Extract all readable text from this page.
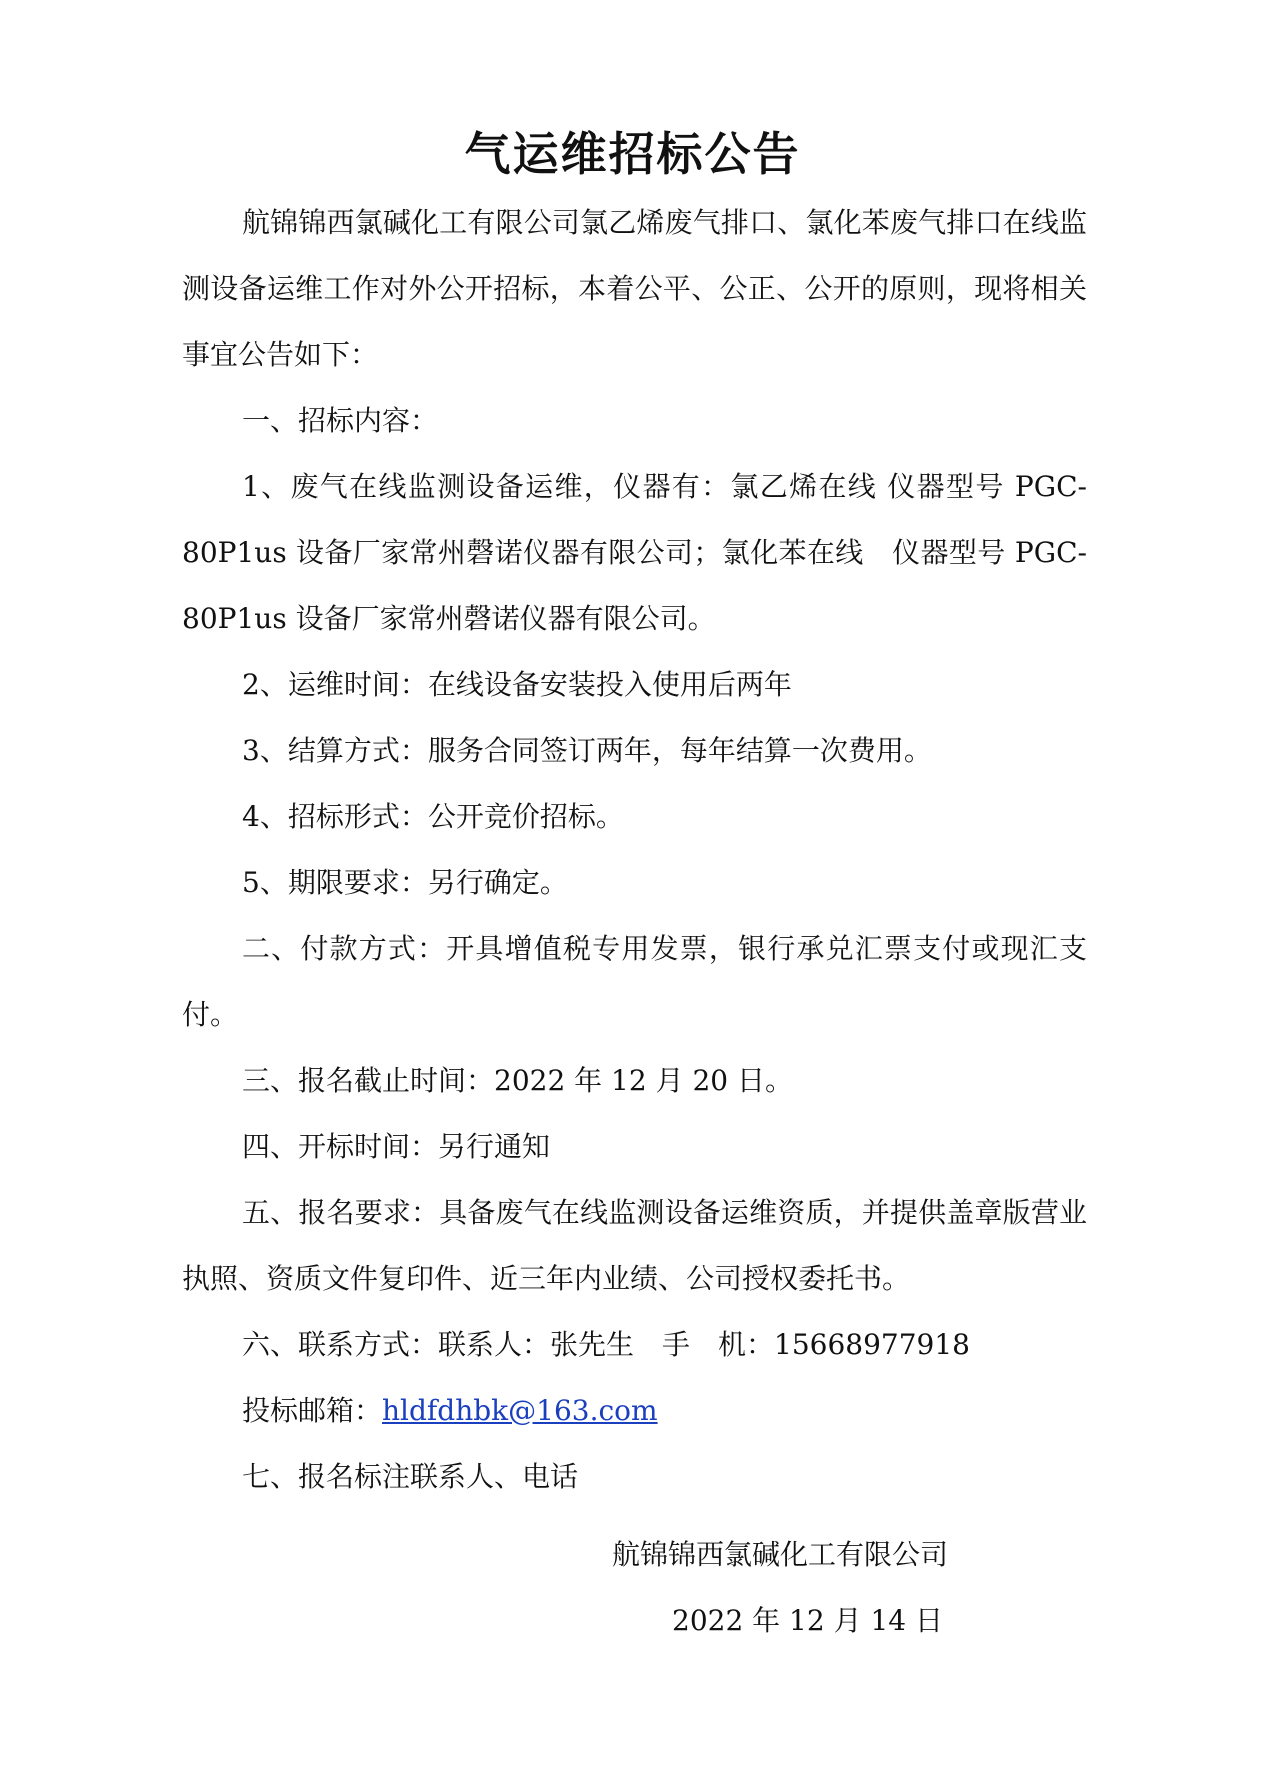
气运维招标公告

航锦锦西氯碱化工有限公司氯乙烯废气排口、氯化苯废气排口在线监测设备运维工作对外公开招标，本着公平、公正、公开的原则，现将相关事宜公告如下：

一、招标内容：

1、废气在线监测设备运维，仪器有：氯乙烯在线 仪器型号 PGC-80P1us 设备厂家常州磬诺仪器有限公司；氯化苯在线　仪器型号 PGC-80P1us 设备厂家常州磬诺仪器有限公司。

2、运维时间：在线设备安装投入使用后两年

3、结算方式：服务合同签订两年，每年结算一次费用。

4、招标形式：公开竞价招标。

5、期限要求：另行确定。

二、付款方式：开具增值税专用发票，银行承兑汇票支付或现汇支付。

三、报名截止时间：2022 年 12 月 20 日。

四、开标时间：另行通知

五、报名要求：具备废气在线监测设备运维资质，并提供盖章版营业执照、资质文件复印件、近三年内业绩、公司授权委托书。

六、联系方式：联系人：张先生　手　机：15668977918

投标邮箱：hldfdhbk@163.com

七、报名标注联系人、电话

航锦锦西氯碱化工有限公司
2022 年 12 月 14 日
